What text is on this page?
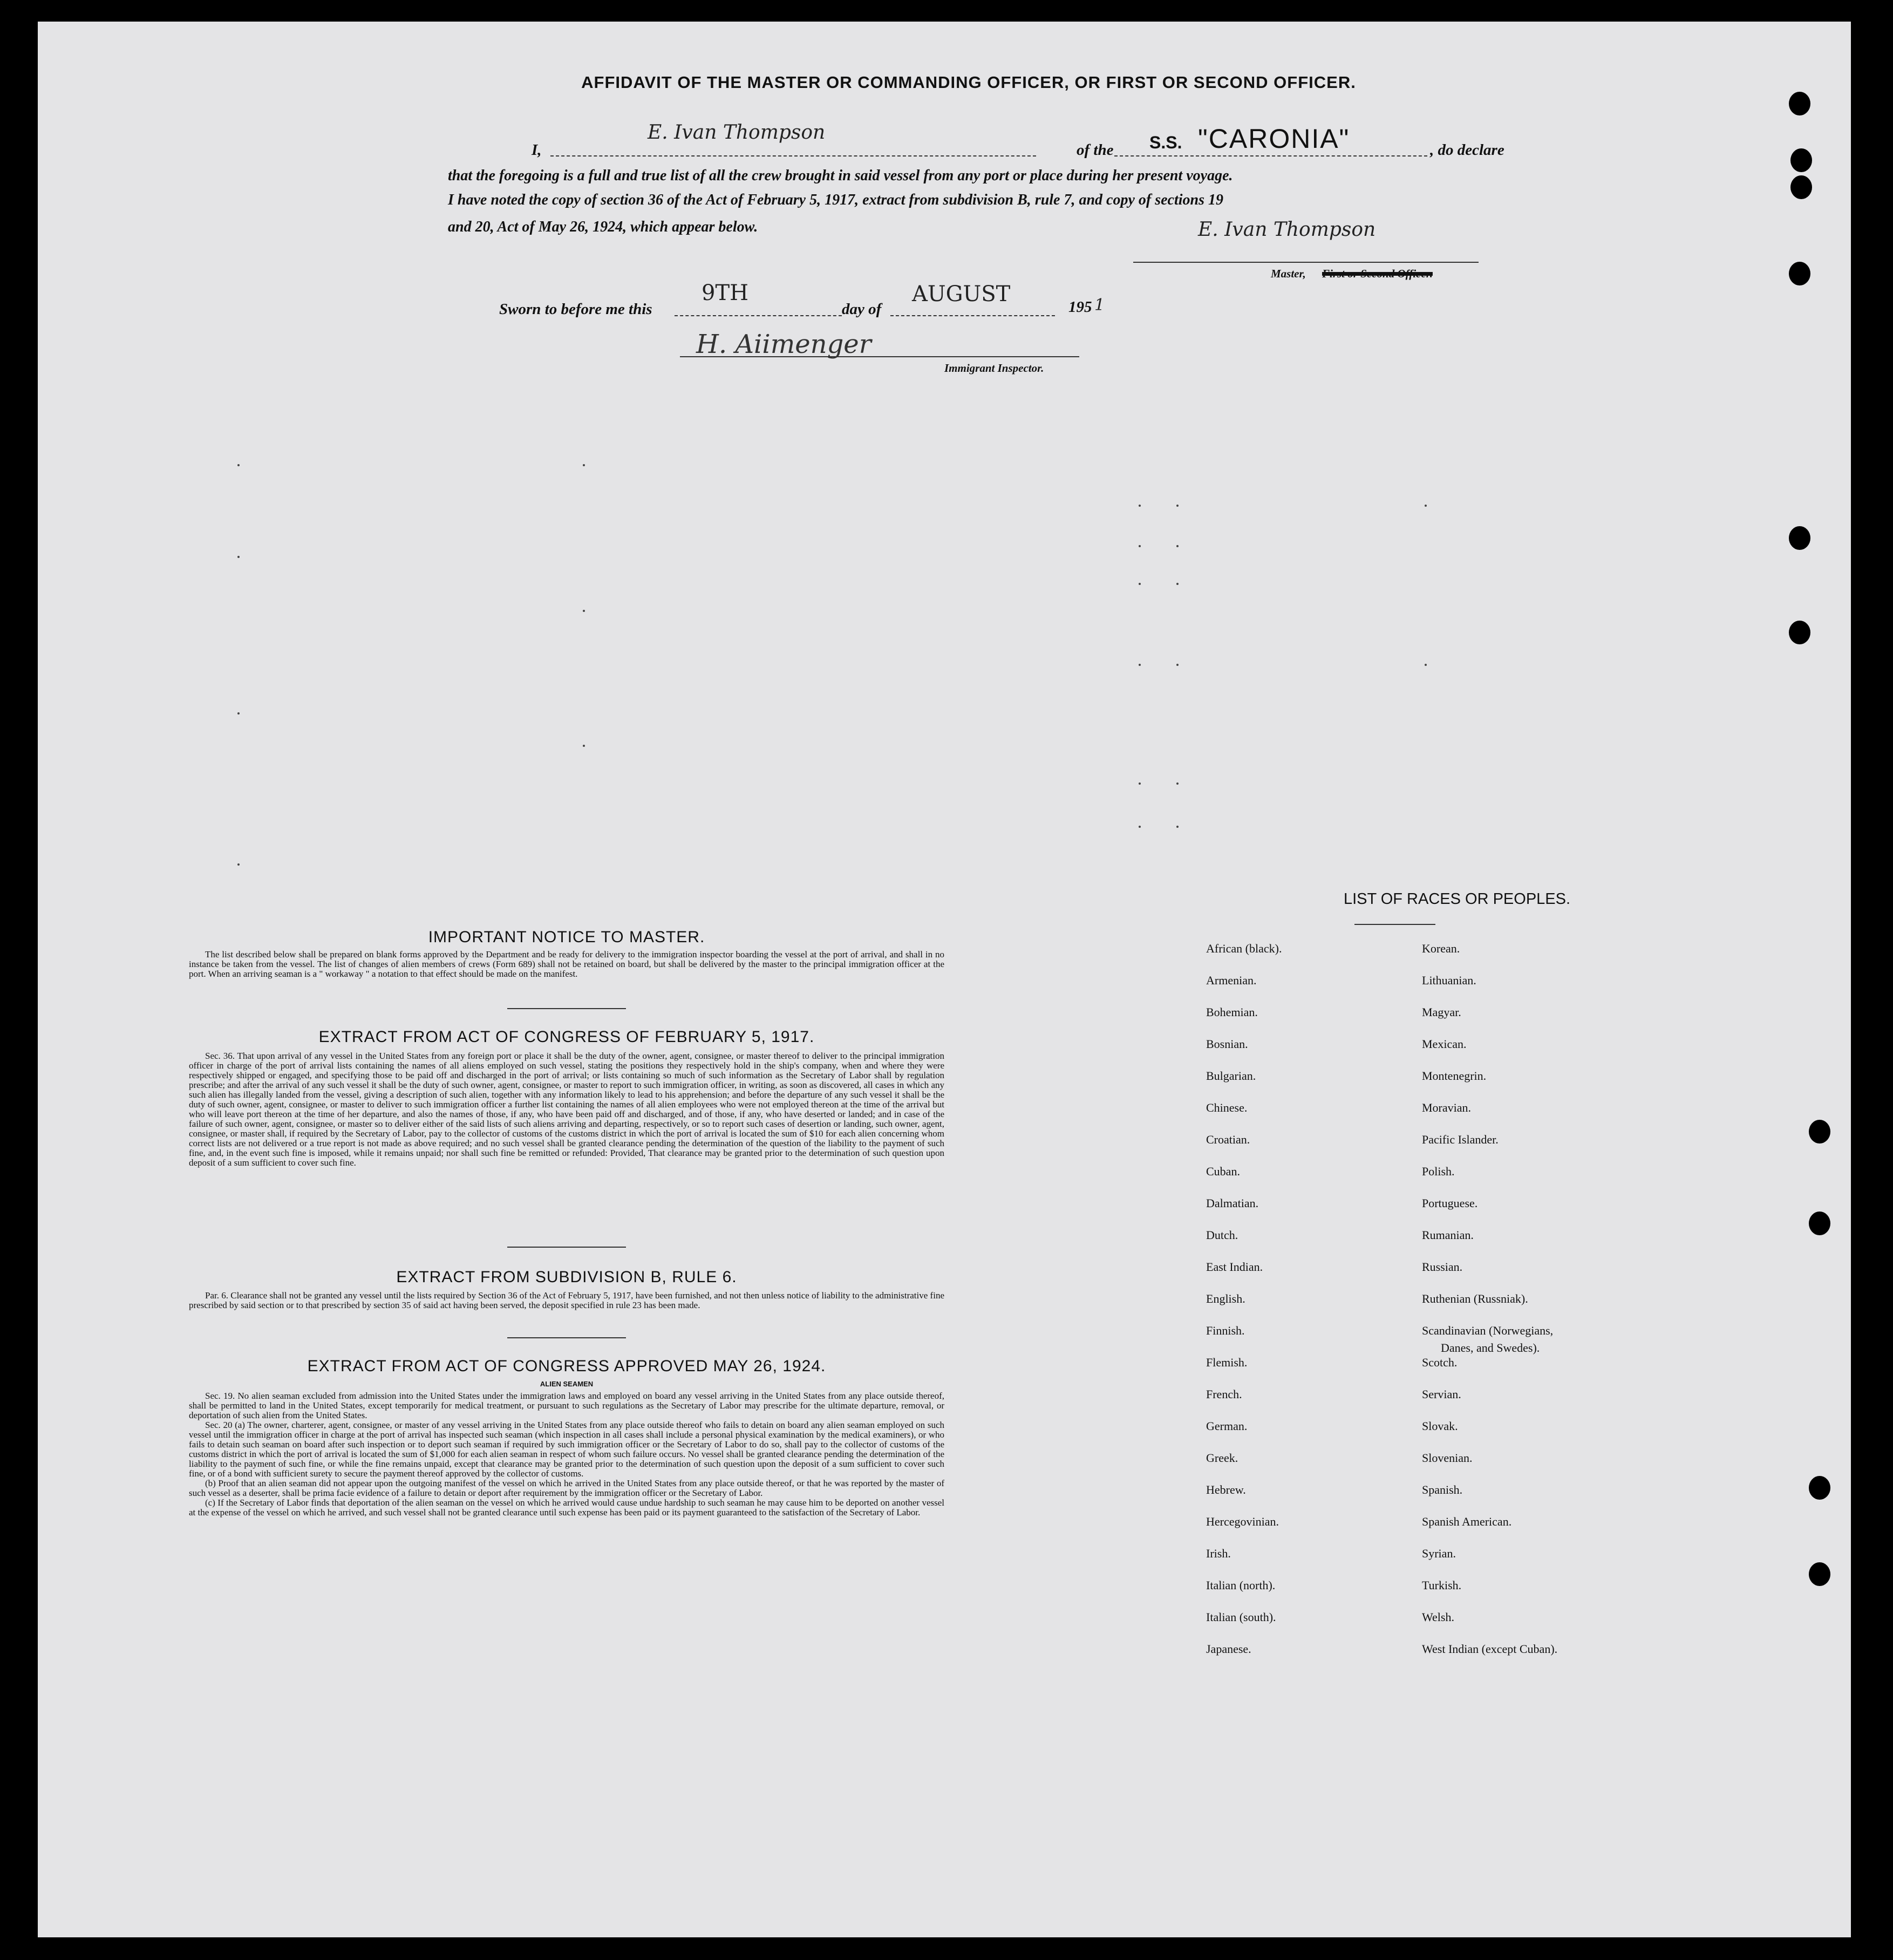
AFFIDAVIT OF THE MASTER OR COMMANDING OFFICER, OR FIRST OR SECOND OFFICER.
I,
E. Ivan Thompson
of the S.S. "CARONIA"	, do declare
that the foregoing is a full and true list of all the crew brought in said vessel from any port or place during her present voyage.
I have noted the copy of section 36 of the Act of February 5, 1917, extract from subdivision B, rule 7, and copy of sections 19
and 20, Act of May 26, 1924, which appear below.	E. Ivan Thompson
Master, First or Second Officer.
Sworn to before me this
9TH
day of
AUGUST
195 1
H. Aiimenger
Immigrant Inspector.
IMPORTANT NOTICE TO MASTER.

The list described below shall be prepared on blank forms approved by the Department and be ready for delivery to the immigration inspector boarding the vessel at the port of arrival, and shall in no instance be taken from the vessel. The list of changes of alien members of crews (Form 689) shall not be retained on board, but shall be delivered by the master to the principal immigration officer at the port. When an arriving seaman is a " workaway " a notation to that effect should be made on the manifest.

EXTRACT FROM ACT OF CONGRESS OF FEBRUARY 5, 1917.

Sec. 36. That upon arrival of any vessel in the United States from any foreign port or place it shall be the duty of the owner, agent, consignee, or master thereof to deliver to the principal immigration officer in charge of the port of arrival lists containing the names of all aliens employed on such vessel, stating the positions they respectively hold in the ship's company, when and where they were respectively shipped or engaged, and specifying those to be paid off and discharged in the port of arrival; or lists containing so much of such information as the Secretary of Labor shall by regulation prescribe; and after the arrival of any such vessel it shall be the duty of such owner, agent, consignee, or master to report to such immigration officer, in writing, as soon as discovered, all cases in which any such alien has illegally landed from the vessel, giving a description of such alien, together with any information likely to lead to his apprehension; and before the departure of any such vessel it shall be the duty of such owner, agent, consignee, or master to deliver to such immigration officer a further list containing the names of all alien employees who were not employed thereon at the time of the arrival but who will leave port thereon at the time of her departure, and also the names of those, if any, who have been paid off and discharged, and of those, if any, who have deserted or landed; and in case of the failure of such owner, agent, consignee, or master so to deliver either of the said lists of such aliens arriving and departing, respectively, or so to report such cases of desertion or landing, such owner, agent, consignee, or master shall, if required by the Secretary of Labor, pay to the collector of customs of the customs district in which the port of arrival is located the sum of $10 for each alien concerning whom correct lists are not delivered or a true report is not made as above required; and no such vessel shall be granted clearance pending the determination of the question of the liability to the payment of such fine, and, in the event such fine is imposed, while it remains unpaid; nor shall such fine be remitted or refunded: Provided, That clearance may be granted prior to the determination of such question upon deposit of a sum sufficient to cover such fine.

EXTRACT FROM SUBDIVISION B, RULE 6.

Par. 6. Clearance shall not be granted any vessel until the lists required by Section 36 of the Act of February 5, 1917, have been furnished, and not then unless notice of liability to the administrative fine prescribed by said section or to that prescribed by section 35 of said act having been served, the deposit specified in rule 23 has been made.

EXTRACT FROM ACT OF CONGRESS APPROVED MAY 26, 1924.
ALIEN SEAMEN

Sec. 19. No alien seaman excluded from admission into the United States under the immigration laws and employed on board any vessel arriving in the United States from any place outside thereof, shall be permitted to land in the United States, except temporarily for medical treatment, or pursuant to such regulations as the Secretary of Labor may prescribe for the ultimate departure, removal, or deportation of such alien from the United States.

Sec. 20 (a) The owner, charterer, agent, consignee, or master of any vessel arriving in the United States from any place outside thereof who fails to detain on board any alien seaman employed on such vessel until the immigration officer in charge at the port of arrival has inspected such seaman (which inspection in all cases shall include a personal physical examination by the medical examiners), or who fails to detain such seaman on board after such inspection or to deport such seaman if required by such immigration officer or the Secretary of Labor to do so, shall pay to the collector of customs of the customs district in which the port of arrival is located the sum of $1,000 for each alien seaman in respect of whom such failure occurs. No vessel shall be granted clearance pending the determination of the liability to the payment of such fine, or while the fine remains unpaid, except that clearance may be granted prior to the determination of such question upon the deposit of a sum sufficient to cover such fine, or of a bond with sufficient surety to secure the payment thereof approved by the collector of customs.

(b) Proof that an alien seaman did not appear upon the outgoing manifest of the vessel on which he arrived in the United States from any place outside thereof, or that he was reported by the master of such vessel as a deserter, shall be prima facie evidence of a failure to detain or deport after requirement by the immigration officer or the Secretary of Labor.

(c) If the Secretary of Labor finds that deportation of the alien seaman on the vessel on which he arrived would cause undue hardship to such seaman he may cause him to be deported on another vessel at the expense of the vessel on which he arrived, and such vessel shall not be granted clearance until such expense has been paid or its payment guaranteed to the satisfaction of the Secretary of Labor.

LIST OF RACES OR PEOPLES.
African (black).
Armenian.
Bohemian.
Bosnian.
Bulgarian.
Chinese.
Croatian.
Cuban.
Dalmatian.
Dutch.
East Indian.
English.
Finnish.
Flemish.
French.
German.
Greek.
Hebrew.
Hercegovinian.
Irish.
Italian (north).
Italian (south).
Japanese.
Korean.
Lithuanian.
Magyar.
Mexican.
Montenegrin.
Moravian.
Pacific Islander.
Polish.
Portuguese.
Rumanian.
Russian.
Ruthenian (Russniak).
Scandinavian (Norwegians,
Scotch.
Servian.
Slovak.
Slovenian.
Spanish.
Spanish American.
Syrian.
Turkish.
Welsh.
West Indian (except Cuban).
Danes, and Swedes).
